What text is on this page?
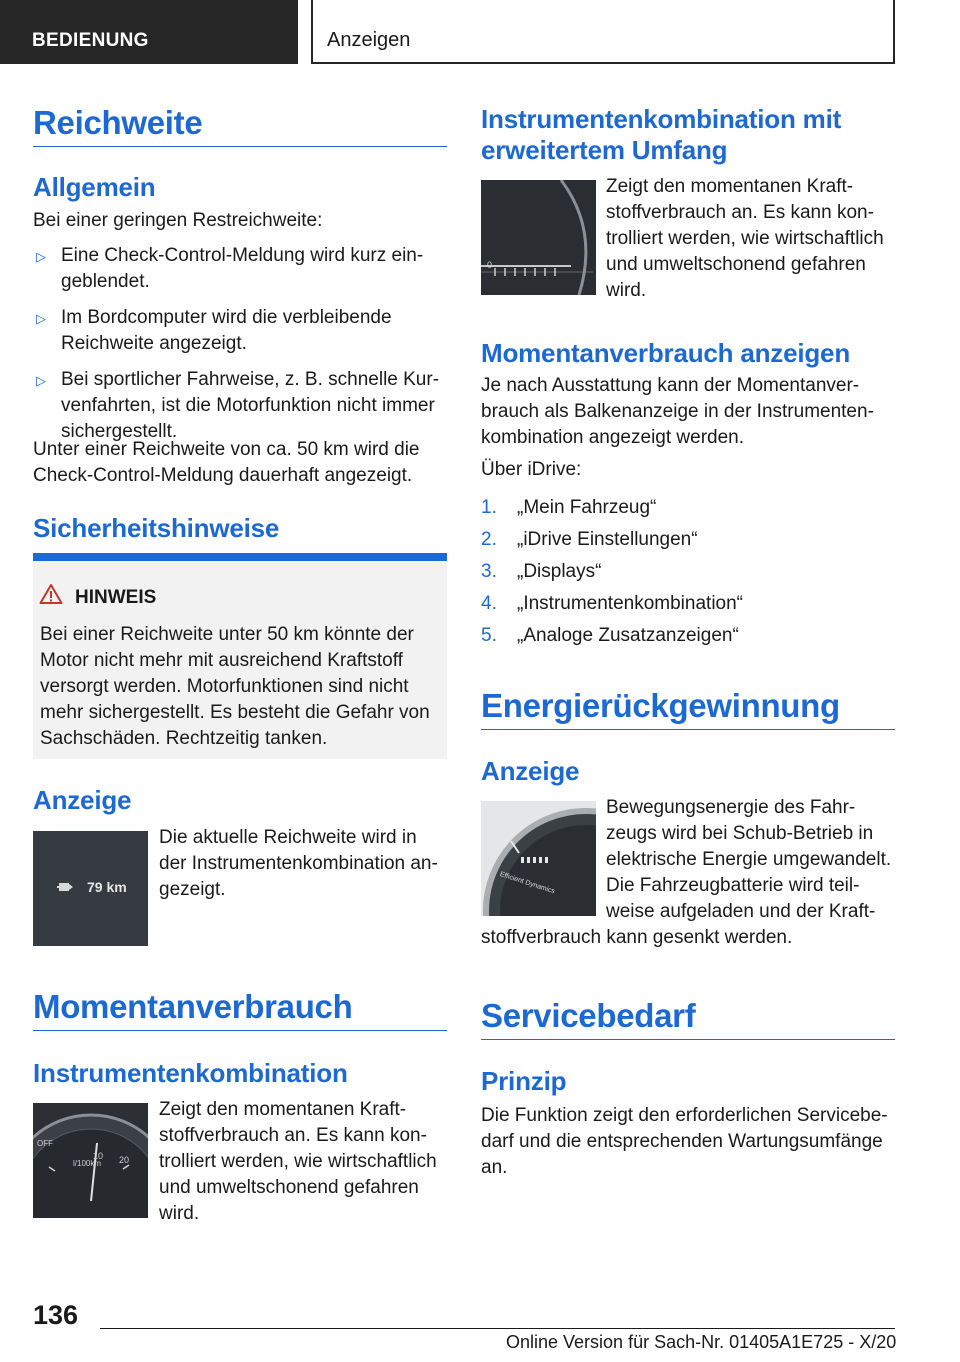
BEDIENUNG	Anzeigen
Reichweite
Allgemein

Bei einer geringen Restreichweite:

▷ Eine Check-Control-Meldung wird kurz ein-
geblendet.
▷ Im Bordcomputer wird die verbleibende
Reichweite angezeigt.
▷ Bei sportlicher Fahrweise, z. B. schnelle Kur-
venfahrten, ist die Motorfunktion nicht immer
sichergestellt.

Unter einer Reichweite von ca. 50 km wird die
Check-Control-Meldung dauerhaft angezeigt.

Sicherheitshinweise
HINWEIS

Bei einer Reichweite unter 50 km könnte der
Motor nicht mehr mit ausreichend Kraftstoff
versorgt werden. Motorfunktionen sind nicht
mehr sichergestellt. Es besteht die Gefahr von
Sachschäden. Rechtzeitig tanken.

Anzeige
79 km

Die aktuelle Reichweite wird in
der Instrumentenkombination an-
gezeigt.

Momentanverbrauch
Instrumentenkombination
OFF
10 20
l/100km

Zeigt den momentanen Kraft-
stoffverbrauch an. Es kann kon-
trolliert werden, wie wirtschaftlich
und umweltschonend gefahren
wird.

Instrumentenkombination mit
erweitertem Umfang
0

Zeigt den momentanen Kraft-
stoffverbrauch an. Es kann kon-
trolliert werden, wie wirtschaftlich
und umweltschonend gefahren
wird.

Momentanverbrauch anzeigen

Je nach Ausstattung kann der Momentanver-
brauch als Balkenanzeige in der Instrumenten-
kombination angezeigt werden.

Über iDrive:

1. „Mein Fahrzeug“
2. „iDrive Einstellungen“
3. „Displays“
4. „Instrumentenkombination“
5. „Analoge Zusatzanzeigen“
Energierückgewinnung
Anzeige
Efficient Dynamics

Bewegungsenergie des Fahr-
zeugs wird bei Schub-Betrieb in
elektrische Energie umgewandelt.
Die Fahrzeugbatterie wird teil-
weise aufgeladen und der Kraft-

stoffverbrauch kann gesenkt werden.

Servicebedarf
Prinzip

Die Funktion zeigt den erforderlichen Servicebe-
darf und die entsprechenden Wartungsumfänge
an.

136
Online Version für Sach-Nr. 01405A1E725 - X/20
